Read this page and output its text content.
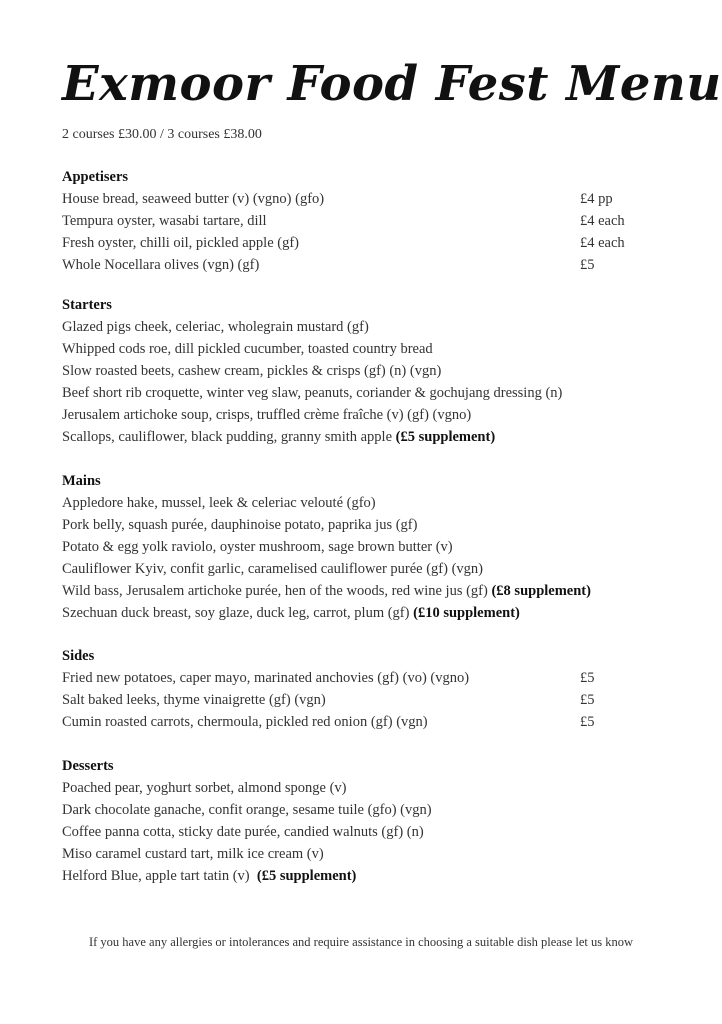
Exmoor Food Fest Menu
2 courses £30.00 / 3 courses £38.00
Appetisers
House bread, seaweed butter (v) (vgno) (gfo)	£4 pp
Tempura oyster, wasabi tartare, dill	£4 each
Fresh oyster, chilli oil, pickled apple (gf)	£4 each
Whole Nocellara olives (vgn) (gf)	£5
Starters
Glazed pigs cheek, celeriac, wholegrain mustard (gf)
Whipped cods roe, dill pickled cucumber, toasted country bread
Slow roasted beets, cashew cream, pickles & crisps (gf) (n) (vgn)
Beef short rib croquette, winter veg slaw, peanuts, coriander & gochujang dressing (n)
Jerusalem artichoke soup, crisps, truffled crème fraîche (v) (gf) (vgno)
Scallops, cauliflower, black pudding, granny smith apple (£5 supplement)
Mains
Appledore hake, mussel, leek & celeriac velouté (gfo)
Pork belly, squash purée, dauphinoise potato, paprika jus (gf)
Potato & egg yolk raviolo, oyster mushroom, sage brown butter (v)
Cauliflower Kyiv, confit garlic, caramelised cauliflower purée (gf) (vgn)
Wild bass, Jerusalem artichoke purée, hen of the woods, red wine jus (gf) (£8 supplement)
Szechuan duck breast, soy glaze, duck leg, carrot, plum (gf) (£10 supplement)
Sides
Fried new potatoes, caper mayo, marinated anchovies (gf) (vo) (vgno)	£5
Salt baked leeks, thyme vinaigrette (gf) (vgn)	£5
Cumin roasted carrots, chermoula, pickled red onion (gf) (vgn)	£5
Desserts
Poached pear, yoghurt sorbet, almond sponge (v)
Dark chocolate ganache, confit orange, sesame tuile (gfo) (vgn)
Coffee panna cotta, sticky date purée, candied walnuts (gf) (n)
Miso caramel custard tart, milk ice cream (v)
Helford Blue, apple tart tatin (v)  (£5 supplement)
If you have any allergies or intolerances and require assistance in choosing a suitable dish please let us know
